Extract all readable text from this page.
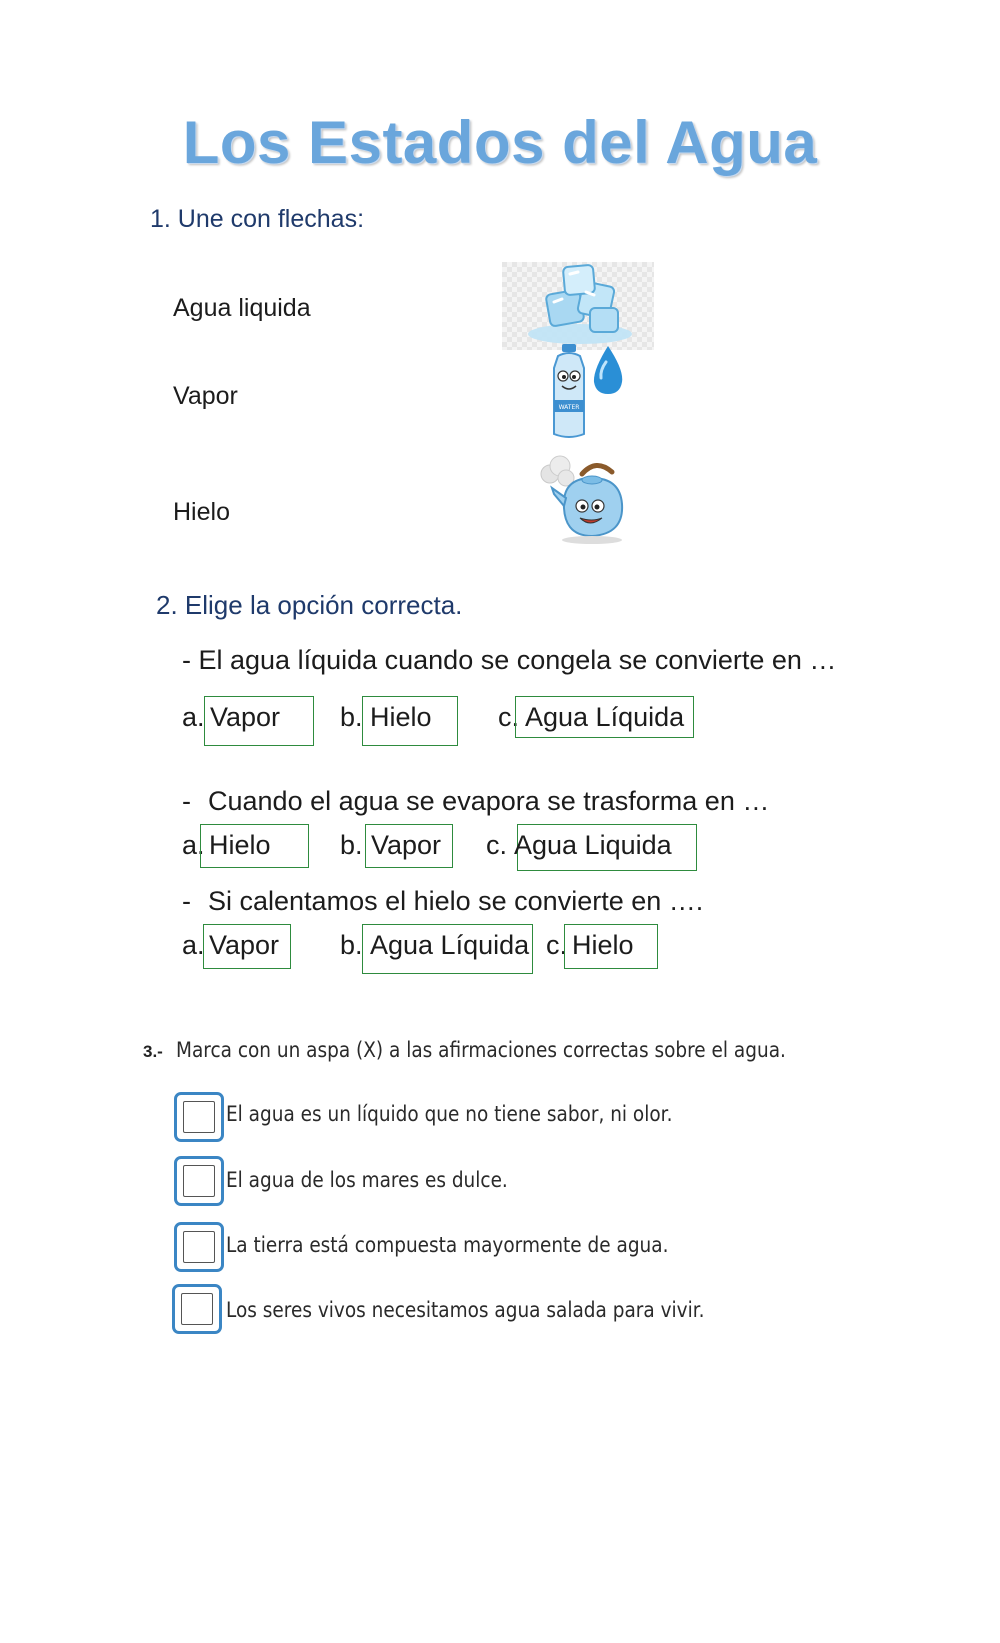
Los Estados del Agua
1. Une con flechas:
Agua liquida
Vapor
Hielo
WATER
2. Elige la opción correcta.
- El agua líquida cuando se congela se convierte en …
a. Vapor b. Hielo c. Agua Líquida
- Cuando el agua se evapora se trasforma en …
a. Hielo	b. Vapor c. Agua Liquida
- Si calentamos el hielo se convierte en ….
a. Vapor b. Agua Líquida c. Hielo
3.- Marca con un aspa (X) a las afirmaciones correctas sobre el agua.
El agua es un líquido que no tiene sabor, ni olor.
El agua de los mares es dulce.
La tierra está compuesta mayormente de agua.
Los seres vivos necesitamos agua salada para vivir.
